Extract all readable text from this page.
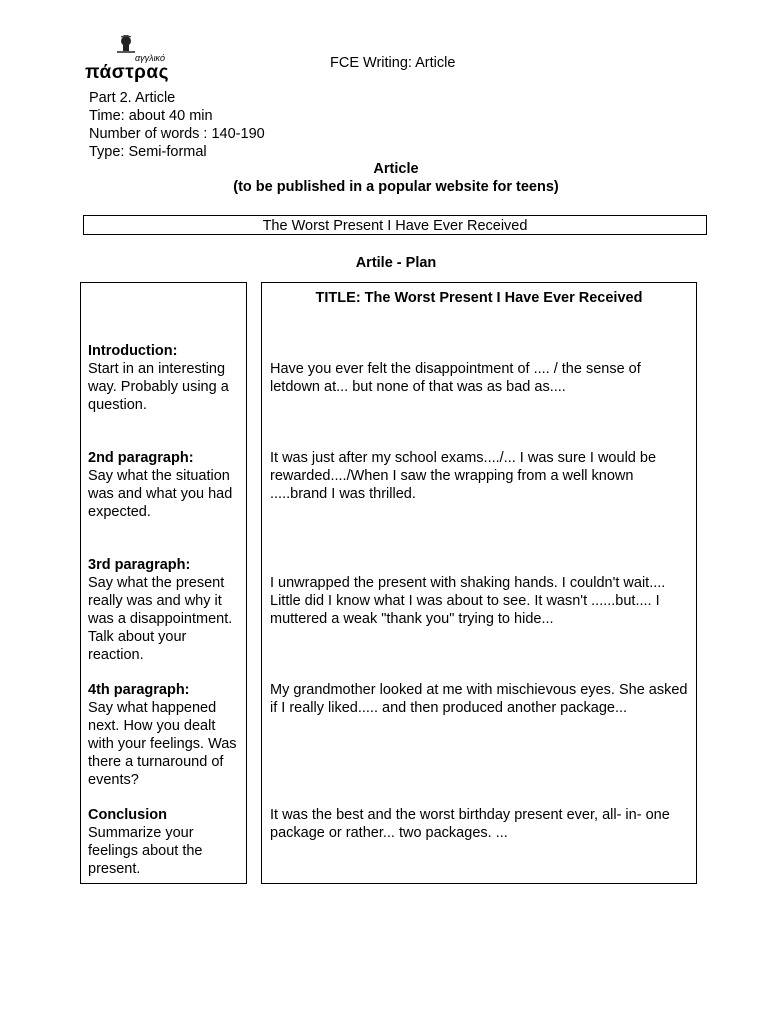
αγγλικό
πάστρας	FCE Writing: Article
Part 2. Article
Time: about 40 min
Number of words : 140-190
Type: Semi-formal
Article
(to be published in a popular website for teens)
The Worst Present I Have Ever Received
Artile - Plan
Introduction:
Start in an interesting way. Probably using a question.
2nd paragraph:
Say what the situation was and what you had expected.
3rd paragraph:
Say what the present really was and why it was a disappointment. Talk about your reaction.
4th paragraph:
Say what happened next. How you dealt with your feelings. Was there a turnaround of events?
Conclusion
Summarize your feelings about the present.
TITLE: The Worst Present I Have Ever Received
Have you ever felt the disappointment of .... / the sense of letdown at... but none of that was as bad as....
It was just after my school exams..../... I was sure I would be rewarded..../When I saw the wrapping from a well known .....brand I was thrilled.
I unwrapped the present with shaking hands. I couldn't wait.... Little did I know what I was about to see. It wasn't ......but.... I muttered a weak "thank you" trying to hide...
My grandmother looked at me with mischievous eyes. She asked if I really liked..... and then produced another package...
It was the best and the worst birthday present ever, all- in- one package or rather... two packages. ...
